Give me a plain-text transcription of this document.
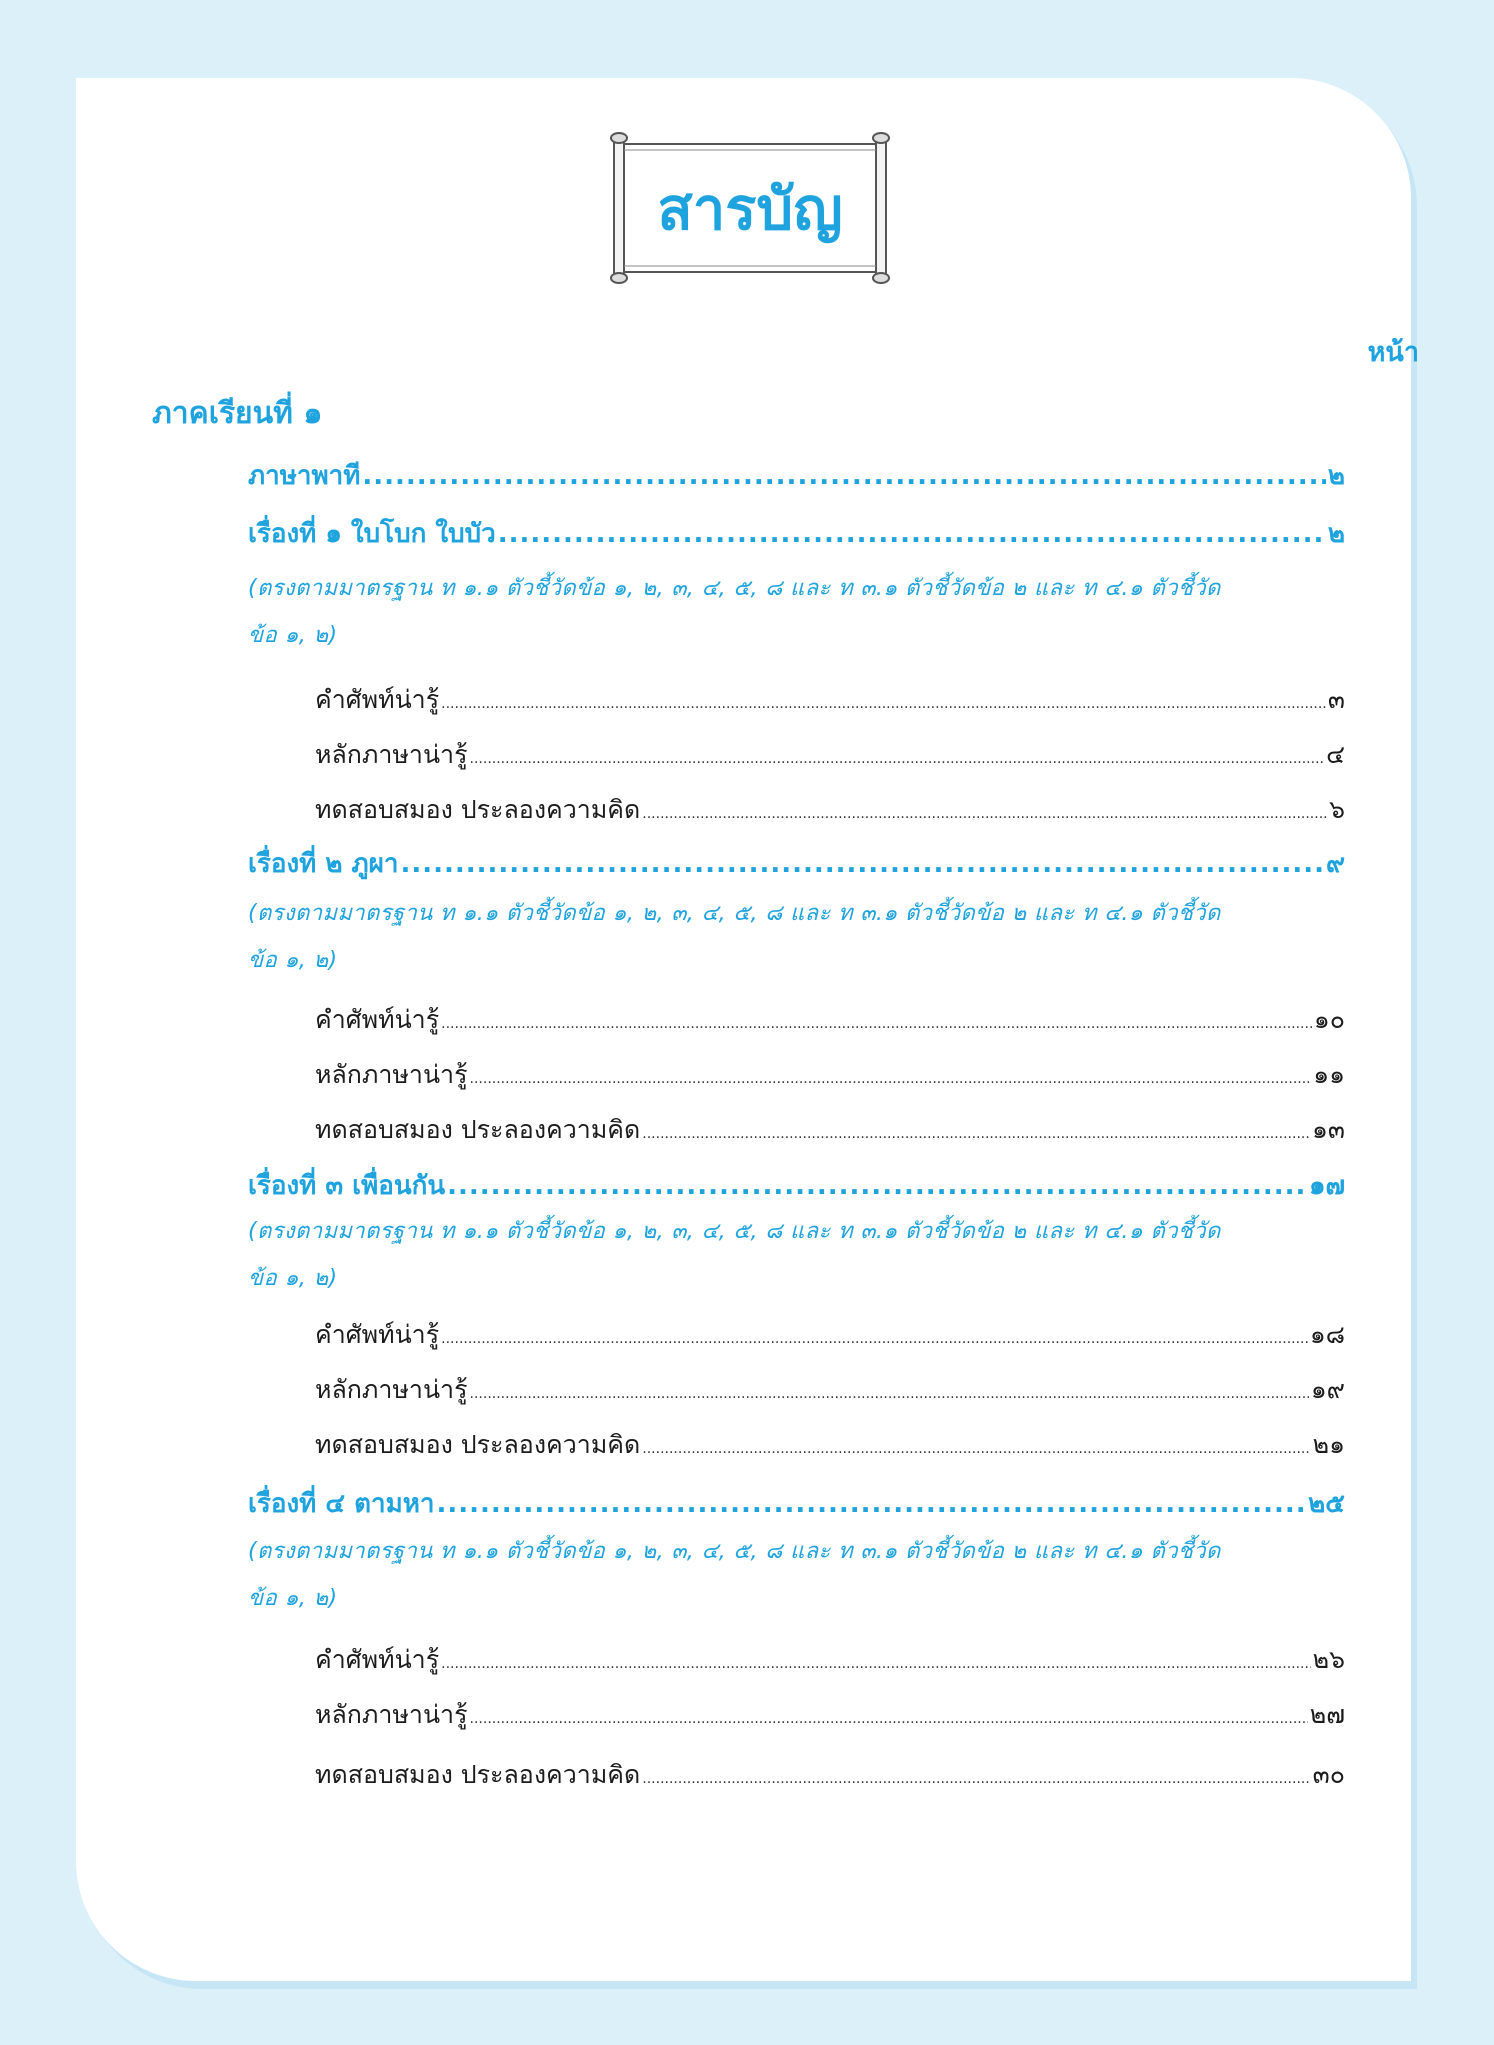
สารบัญ
หน้า
ภาคเรียนที่ ๑
ภาษาพาที .....	๒
เรื่องที่ ๑ ใบโบก ใบบัว .....	๒
(ตรงตามมาตรฐาน ท ๑.๑ ตัวชี้วัดข้อ ๑, ๒, ๓, ๔, ๕, ๘ และ ท ๓.๑ ตัวชี้วัดข้อ ๒ และ ท ๔.๑ ตัวชี้วัด
ข้อ ๑, ๒)
คำศัพท์น่ารู้ .....	๓
หลักภาษาน่ารู้ .....	๔
ทดสอบสมอง ประลองความคิด .....	๖
เรื่องที่ ๒ ภูผา .....	๙
(ตรงตามมาตรฐาน ท ๑.๑ ตัวชี้วัดข้อ ๑, ๒, ๓, ๔, ๕, ๘ และ ท ๓.๑ ตัวชี้วัดข้อ ๒ และ ท ๔.๑ ตัวชี้วัด
ข้อ ๑, ๒)
คำศัพท์น่ารู้ .....	๑๐
หลักภาษาน่ารู้ .....	๑๑
ทดสอบสมอง ประลองความคิด .....	๑๓
เรื่องที่ ๓ เพื่อนกัน .....	๑๗
(ตรงตามมาตรฐาน ท ๑.๑ ตัวชี้วัดข้อ ๑, ๒, ๓, ๔, ๕, ๘ และ ท ๓.๑ ตัวชี้วัดข้อ ๒ และ ท ๔.๑ ตัวชี้วัด
ข้อ ๑, ๒)
คำศัพท์น่ารู้ .....	๑๘
หลักภาษาน่ารู้ .....	๑๙
ทดสอบสมอง ประลองความคิด .....	๒๑
เรื่องที่ ๔ ตามหา .....	๒๕
(ตรงตามมาตรฐาน ท ๑.๑ ตัวชี้วัดข้อ ๑, ๒, ๓, ๔, ๕, ๘ และ ท ๓.๑ ตัวชี้วัดข้อ ๒ และ ท ๔.๑ ตัวชี้วัด
ข้อ ๑, ๒)
คำศัพท์น่ารู้ .....	๒๖
หลักภาษาน่ารู้ .....	๒๗
ทดสอบสมอง ประลองความคิด .....	๓๐
